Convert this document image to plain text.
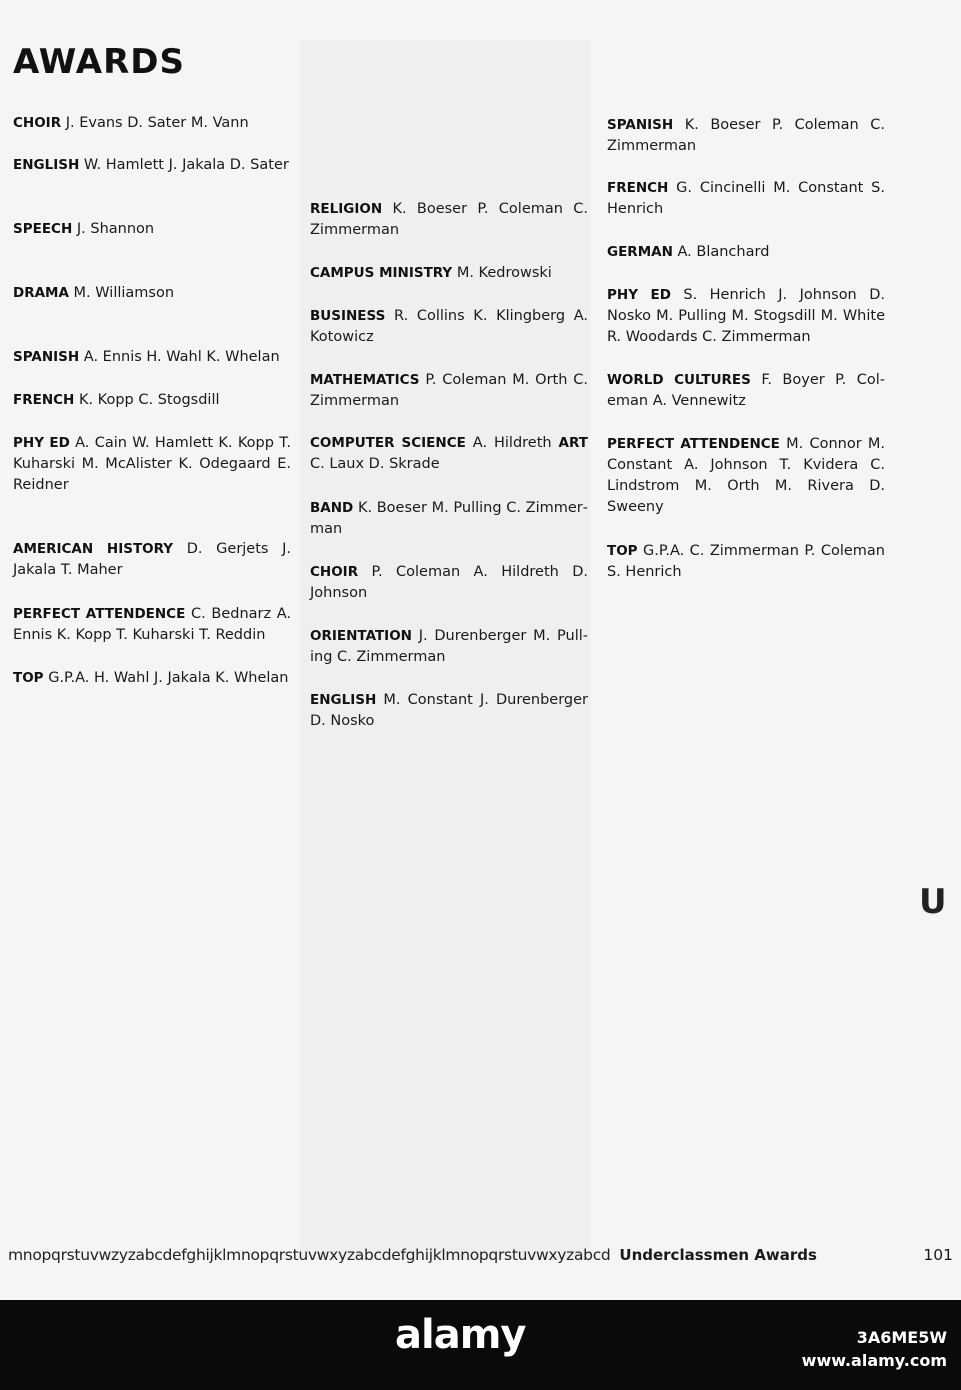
AWARDS

CHOIR J. Evans D. Sater M. Vann

ENGLISH W. Hamlett J. Jakala D. Sater

SPEECH J. Shannon

DRAMA M. Williamson

SPANISH A. Ennis H. Wahl K. Whelan

FRENCH K. Kopp C. Stogsdill

PHY ED A. Cain W. Hamlett K. Kopp T. Kuharski M. McAlister K. Odegaard E. Reidner

AMERICAN HISTORY D. Gerjets J. Jakala T. Maher

PERFECT ATTENDENCE C. Bednarz A. Ennis K. Kopp T. Kuharski T. Reddin

TOP G.P.A. H. Wahl J. Jakala K. Whelan

RELIGION K. Boeser P. Coleman C. Zimmerman

CAMPUS MINISTRY M. Kedrowski

BUSINESS R. Collins K. Klingberg A. Kotowicz

MATHEMATICS P. Coleman M. Orth C. Zimmerman

COMPUTER SCIENCE A. Hildreth ART C. Laux D. Skrade

BAND K. Boeser M. Pulling C. Zimmerman

CHOIR P. Coleman A. Hildreth D. Johnson

ORIENTATION J. Durenberger M. Pulling C. Zimmerman

ENGLISH M. Constant J. Durenberger D. Nosko

SPANISH K. Boeser P. Coleman C. Zimmerman

FRENCH G. Cincinelli M. Constant S. Henrich

GERMAN A. Blanchard

PHY ED S. Henrich J. Johnson D. Nosko M. Pulling M. Stogsdill M. White R. Woodards C. Zimmerman

WORLD CULTURES F. Boyer P. Coleman A. Vennewitz

PERFECT ATTENDENCE M. Connor M. Constant A. Johnson T. Kvidera C. Lindstrom M. Orth M. Rivera D. Sweeny

TOP G.P.A. C. Zimmerman P. Coleman S. Henrich

U
mnopqrstuvwzyzabcdefghijklmnopqrstuvwxyzabcdefghijklmnopqrstuvwxyzabcd Underclassmen Awards	101
alamy	3A6ME5W
www.alamy.com
